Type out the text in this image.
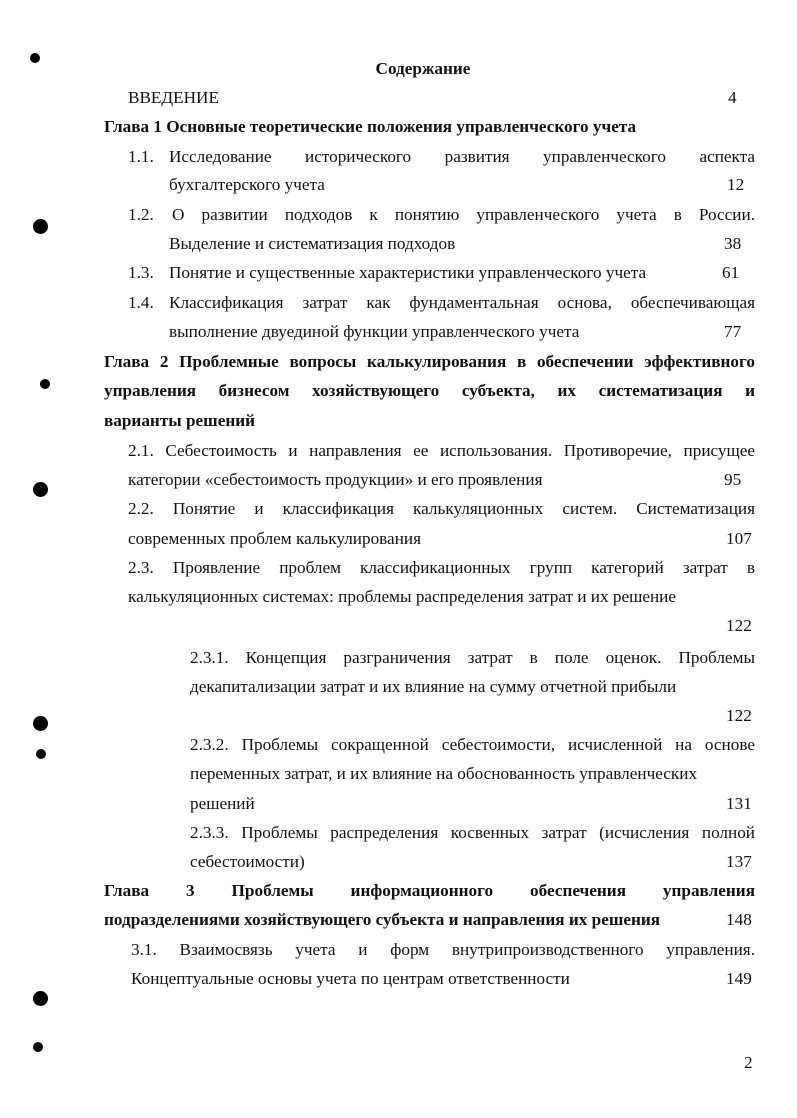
Содержание
ВВЕДЕНИЕ	4
Глава 1 Основные теоретические положения управленческого учета
1.1. Исследование исторического развития управленческого аспекта
бухгалтерского учета	12
1.2. О развитии подходов к понятию управленческого учета в России.
Выделение и систематизация подходов	38
1.3. Понятие и существенные характеристики управленческого учета	61
1.4. Классификация затрат как фундаментальная основа, обеспечивающая
выполнение двуединой функции управленческого учета	77
Глава 2 Проблемные вопросы калькулирования в обеспечении эффективного
управления бизнесом хозяйствующего субъекта, их систематизация и
варианты решений
2.1. Себестоимость и направления ее использования. Противоречие, присущее
категории «себестоимость продукции» и его проявления	95
2.2. Понятие и классификация калькуляционных систем. Систематизация
современных проблем калькулирования	107
2.3. Проявление проблем классификационных групп категорий затрат в
калькуляционных системах: проблемы распределения затрат и их решение
122
2.3.1. Концепция разграничения затрат в поле оценок. Проблемы
декапитализации затрат и их влияние на сумму отчетной прибыли
122
2.3.2. Проблемы сокращенной себестоимости, исчисленной на основе
переменных затрат, и их влияние на обоснованность управленческих
решений	131
2.3.3. Проблемы распределения косвенных затрат (исчисления полной
себестоимости)	137
Глава 3 Проблемы информационного обеспечения управления
подразделениями хозяйствующего субъекта и направления их решения	148
3.1. Взаимосвязь учета и форм внутрипроизводственного управления.
Концептуальные основы учета по центрам ответственности	149
2
